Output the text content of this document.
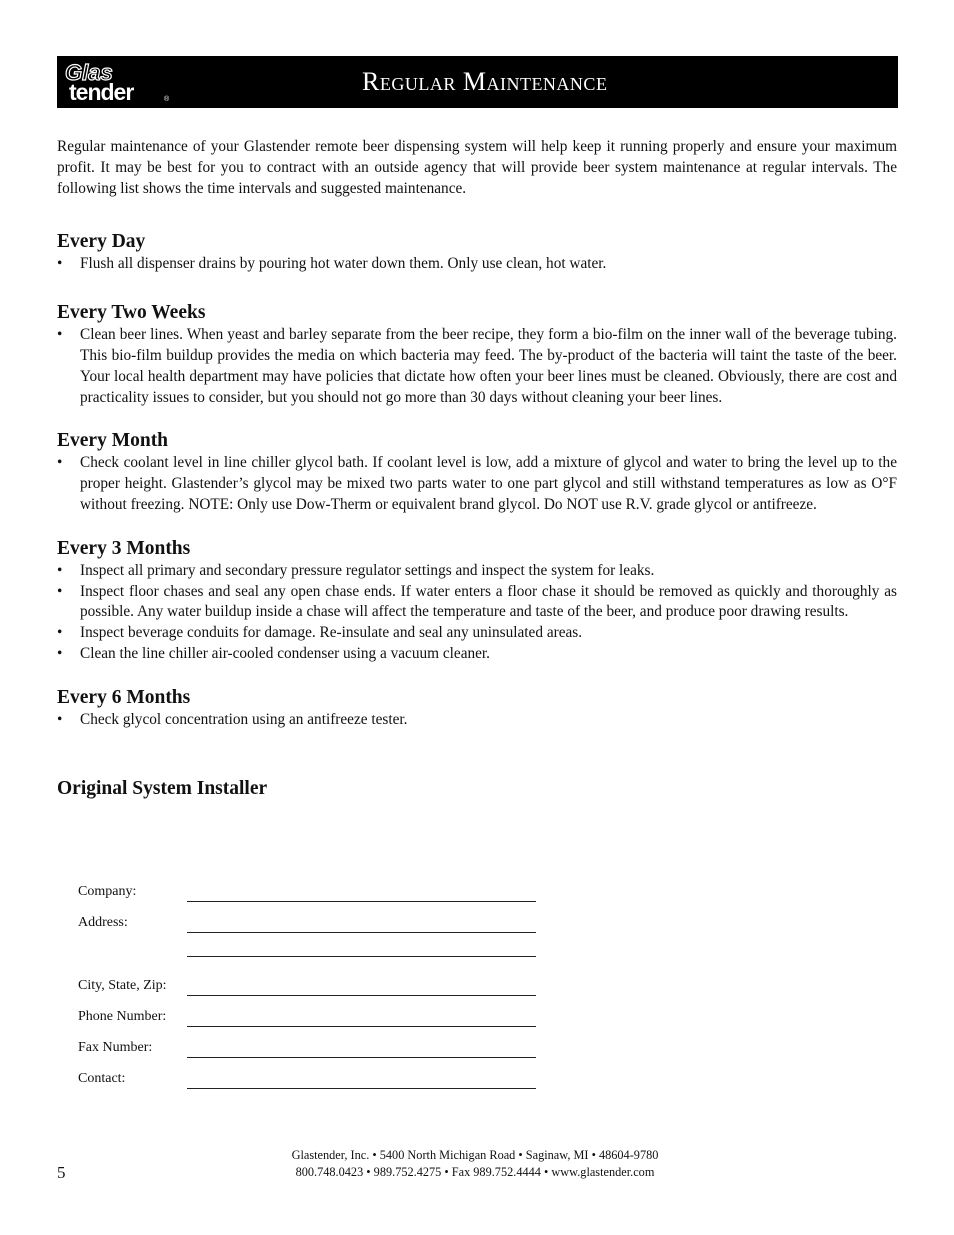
Glas
tender	®
Regular Maintenance

Regular maintenance of your Glastender remote beer dispensing system will help keep it running properly and ensure your maximum profit. It may be best for you to contract with an outside agency that will provide beer system maintenance at regular intervals. The following list shows the time intervals and suggested maintenance.

Every Day
• Flush all dispenser drains by pouring hot water down them. Only use clean, hot water.
Every Two Weeks
• Clean beer lines. When yeast and barley separate from the beer recipe, they form a bio-film on the inner wall of the beverage tubing. This bio-film buildup provides the media on which bacteria may feed. The by-product of the bacteria will taint the taste of the beer. Your local health department may have policies that dictate how often your beer lines must be cleaned. Obviously, there are cost and practicality issues to consider, but you should not go more than 30 days without cleaning your beer lines.
Every Month
• Check coolant level in line chiller glycol bath. If coolant level is low, add a mixture of glycol and water to bring the level up to the proper height. Glastender’s glycol may be mixed two parts water to one part glycol and still withstand temperatures as low as O°F without freezing. NOTE: Only use Dow-Therm or equivalent brand glycol. Do NOT use R.V. grade glycol or antifreeze.
Every 3 Months
• Inspect all primary and secondary pressure regulator settings and inspect the system for leaks.
• Inspect floor chases and seal any open chase ends. If water enters a floor chase it should be removed as quickly and thoroughly as possible. Any water buildup inside a chase will affect the temperature and taste of the beer, and produce poor drawing results.
• Inspect beverage conduits for damage. Re-insulate and seal any uninsulated areas.
• Clean the line chiller air-cooled condenser using a vacuum cleaner.
Every 6 Months
• Check glycol concentration using an antifreeze tester.
Original System Installer
Company:
Address:
City, State, Zip:
Phone Number:
Fax Number:
Contact:
5
Glastender, Inc. • 5400 North Michigan Road • Saginaw, MI • 48604-9780
800.748.0423 • 989.752.4275 • Fax 989.752.4444 • www.glastender.com
